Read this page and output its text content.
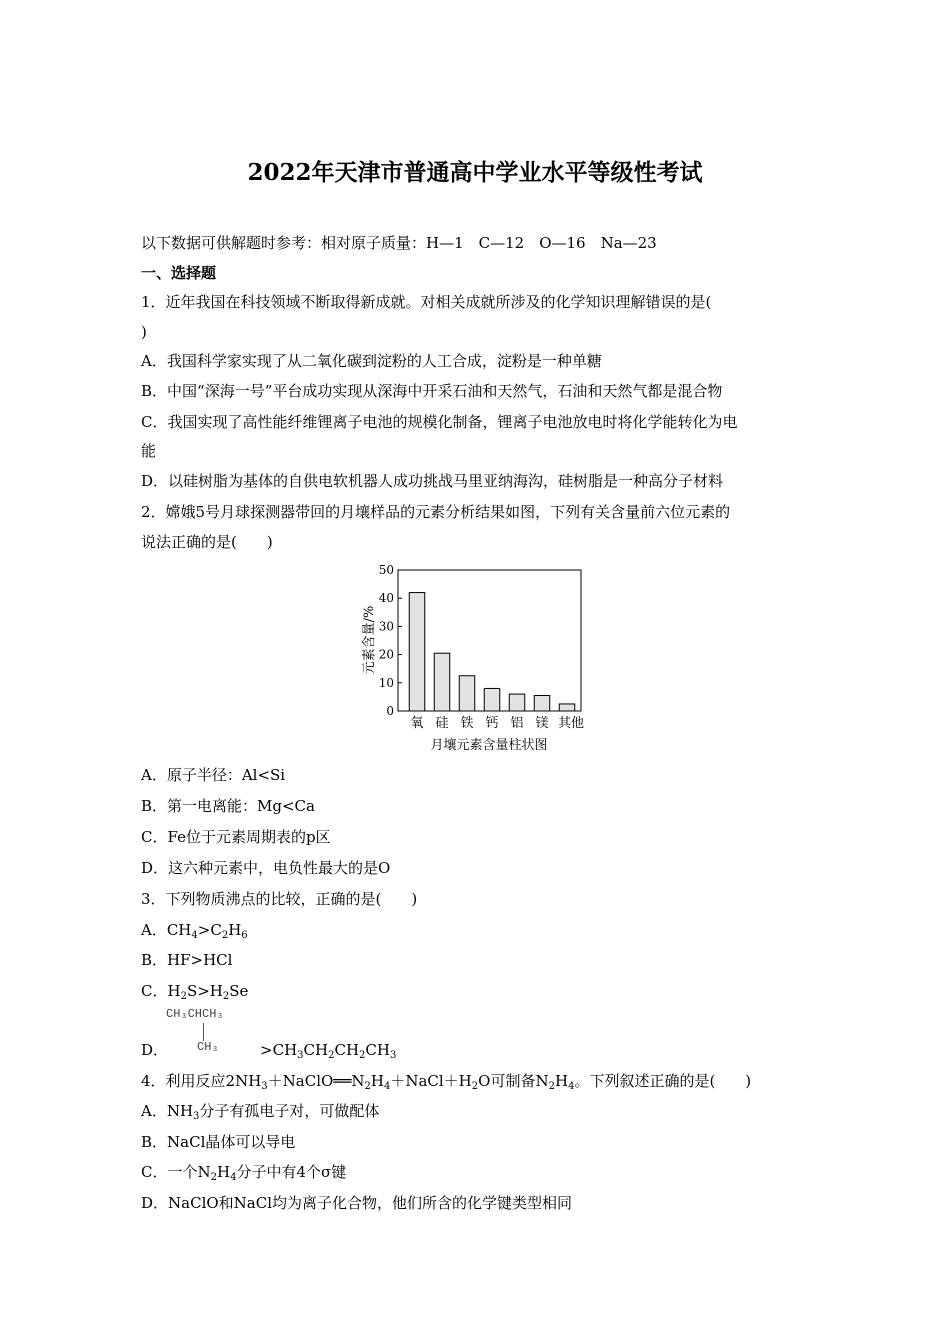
2022年天津市普通高中学业水平等级性考试
以下数据可供解题时参考：相对原子质量：H—1　C—12　O—16　Na—23
一、选择题
1．近年我国在科技领域不断取得新成就。对相关成就所涉及的化学知识理解错误的是(
)
A．我国科学家实现了从二氧化碳到淀粉的人工合成，淀粉是一种单糖
B．中国“深海一号”平台成功实现从深海中开采石油和天然气，石油和天然气都是混合物
C．我国实现了高性能纤维锂离子电池的规模化制备，锂离子电池放电时将化学能转化为电
能
D．以硅树脂为基体的自供电软机器人成功挑战马里亚纳海沟，硅树脂是一种高分子材料
2．嫦娥5号月球探测器带回的月壤样品的元素分析结果如图，下列有关含量前六位元素的
说法正确的是(　　)
元素含量/%
0
10
20
30
40
50
氧 硅 铁 钙 铝 镁 其他
月壤元素含量柱状图
A．原子半径：Al<Si
B．第一电离能：Mg<Ca
C．Fe位于元素周期表的p区
D．这六种元素中，电负性最大的是O
3．下列物质沸点的比较，正确的是(　　)
A．$CH_4>C_2H_6$
B．HF>HCl
C．$H_2S>H_2Se$
CH₃CHCH₃
CH₃
D．	$>CH_3CH_2CH_2CH_3$
4．利用反应$2NH_3+NaClO══N_2H_4+NaCl+H_2O$可制备$N_2H_4$。下列叙述正确的是(　　)
A．$NH_3$分子有孤电子对，可做配体
B．NaCl晶体可以导电
C．一个$N_2H_4$分子中有4个σ键
D．NaClO和NaCl均为离子化合物，他们所含的化学键类型相同
